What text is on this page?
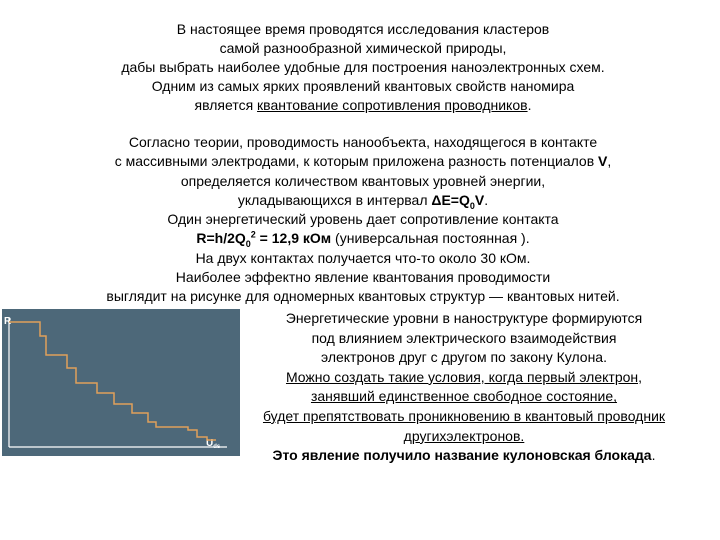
В настоящее время проводятся исследования кластеров
самой разнообразной химической природы,
дабы выбрать наиболее удобные для построения наноэлектронных схем.
Одним из самых ярких проявлений квантовых свойств наномира
является квантование сопротивления проводников.
Согласно теории, проводимость нанообъекта, находящегося в контакте
с массивными электродами, к которым приложена разность потенциалов V,
определяется количеством квантовых уровней энергии,
укладывающихся в интервал $\Delta E=Q_0V$.
Один энергетический уровень дает сопротивление контакта
$R=h/2Q_0^2 = 12,9$ кОм (универсальная постоянная ).
На двух контактах получается что-то около 30 кОм.
Наиболее эффектно явление квантования проводимости
выглядит на рисунке для одномерных квантовых структур — квантовых нитей.
R
$U_{ds}$
Энергетические уровни в наноструктуре формируются
под влиянием электрического взаимодействия
электронов друг с другом по закону Кулона.
Можно создать такие условия, когда первый электрон,
занявший единственное свободное состояние,
будет препятствовать проникновению в квантовый проводник
другихэлектронов.
Это явление получило название кулоновская блокада.
